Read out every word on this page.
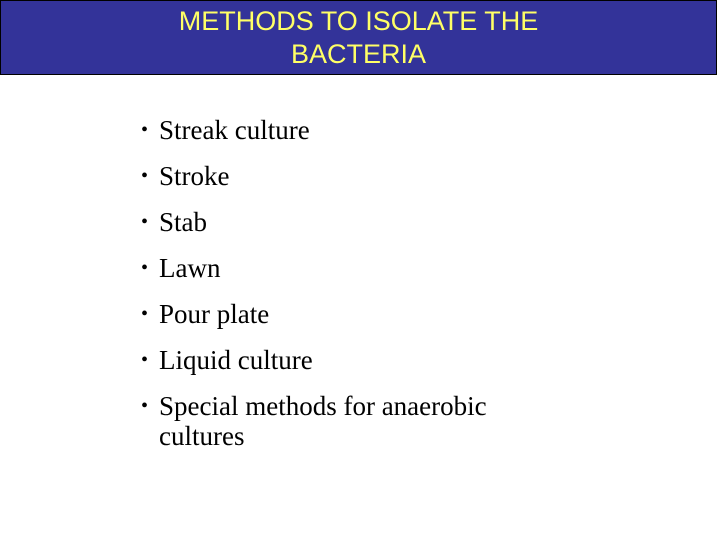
METHODS TO ISOLATE THE
BACTERIA
• Streak culture
• Stroke
• Stab
• Lawn
• Pour plate
• Liquid culture
• Special methods for anaerobic
cultures
